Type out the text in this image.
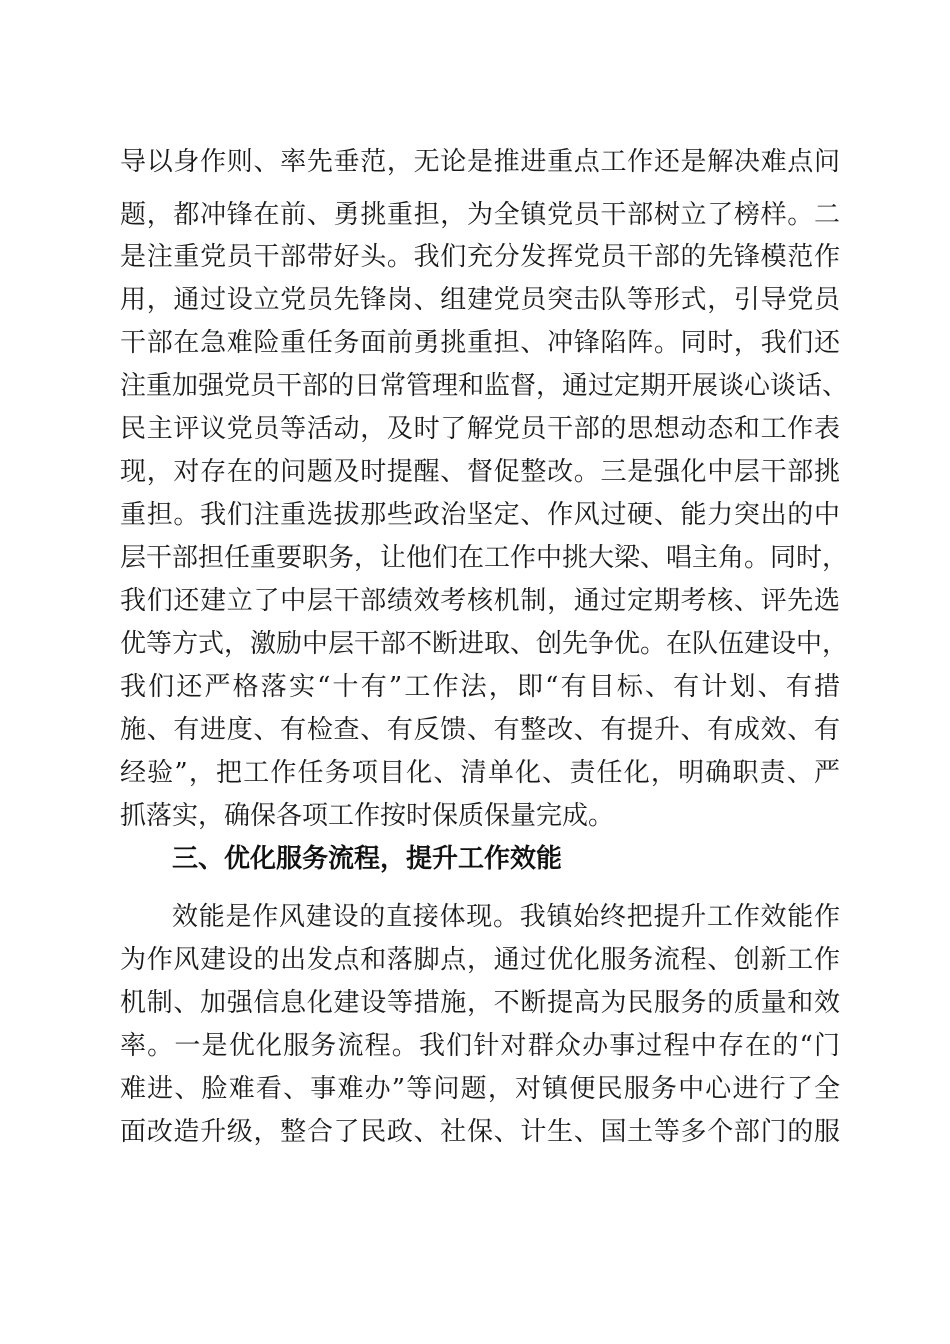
导以身作则、率先垂范，无论是推进重点工作还是解决难点问
题，都冲锋在前、勇挑重担，为全镇党员干部树立了榜样。二
是注重党员干部带好头。我们充分发挥党员干部的先锋模范作
用，通过设立党员先锋岗、组建党员突击队等形式，引导党员
干部在急难险重任务面前勇挑重担、冲锋陷阵。同时，我们还
注重加强党员干部的日常管理和监督，通过定期开展谈心谈话、
民主评议党员等活动，及时了解党员干部的思想动态和工作表
现，对存在的问题及时提醒、督促整改。三是强化中层干部挑
重担。我们注重选拔那些政治坚定、作风过硬、能力突出的中
层干部担任重要职务，让他们在工作中挑大梁、唱主角。同时，
我们还建立了中层干部绩效考核机制，通过定期考核、评先选
优等方式，激励中层干部不断进取、创先争优。在队伍建设中，
我们还严格落实“十有”工作法，即“有目标、有计划、有措
施、有进度、有检查、有反馈、有整改、有提升、有成效、有
经验”，把工作任务项目化、清单化、责任化，明确职责、严
抓落实，确保各项工作按时保质保量完成。
三、优化服务流程，提升工作效能
效能是作风建设的直接体现。我镇始终把提升工作效能作
为作风建设的出发点和落脚点，通过优化服务流程、创新工作
机制、加强信息化建设等措施，不断提高为民服务的质量和效
率。一是优化服务流程。我们针对群众办事过程中存在的“门
难进、脸难看、事难办”等问题，对镇便民服务中心进行了全
面改造升级，整合了民政、社保、计生、国土等多个部门的服
